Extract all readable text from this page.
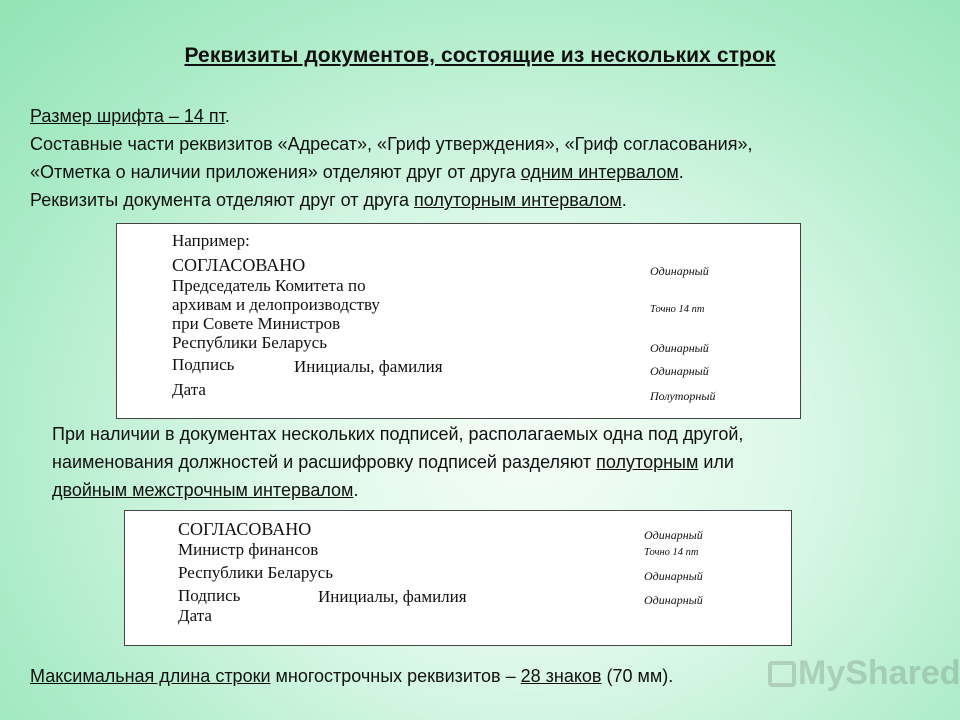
Реквизиты документов, состоящие из нескольких строк
Размер шрифта – 14 пт.
Составные части реквизитов «Адресат», «Гриф утверждения», «Гриф согласования»,
«Отметка о наличии приложения» отделяют друг от друга одним интервалом.
Реквизиты документа отделяют друг от друга полуторным интервалом.
Например:
СОГЛАСОВАНО
Председатель Комитета по
архивам и делопроизводству
при Совете Министров
Республики Беларусь
Подпись	Инициалы, фамилия
Дата
Одинарный
Точно 14 пт
Одинарный
Одинарный
Полуторный
При наличии в документах нескольких подписей, располагаемых одна под другой,
наименования должностей и расшифровку подписей разделяют полуторным или
двойным межстрочным интервалом.
СОГЛАСОВАНО
Министр финансов
Республики Беларусь
Подпись	Инициалы, фамилия
Дата
Одинарный
Точно 14 пт
Одинарный
Одинарный
Максимальная длина строки многострочных реквизитов – 28 знаков (70 мм).	MyShared
